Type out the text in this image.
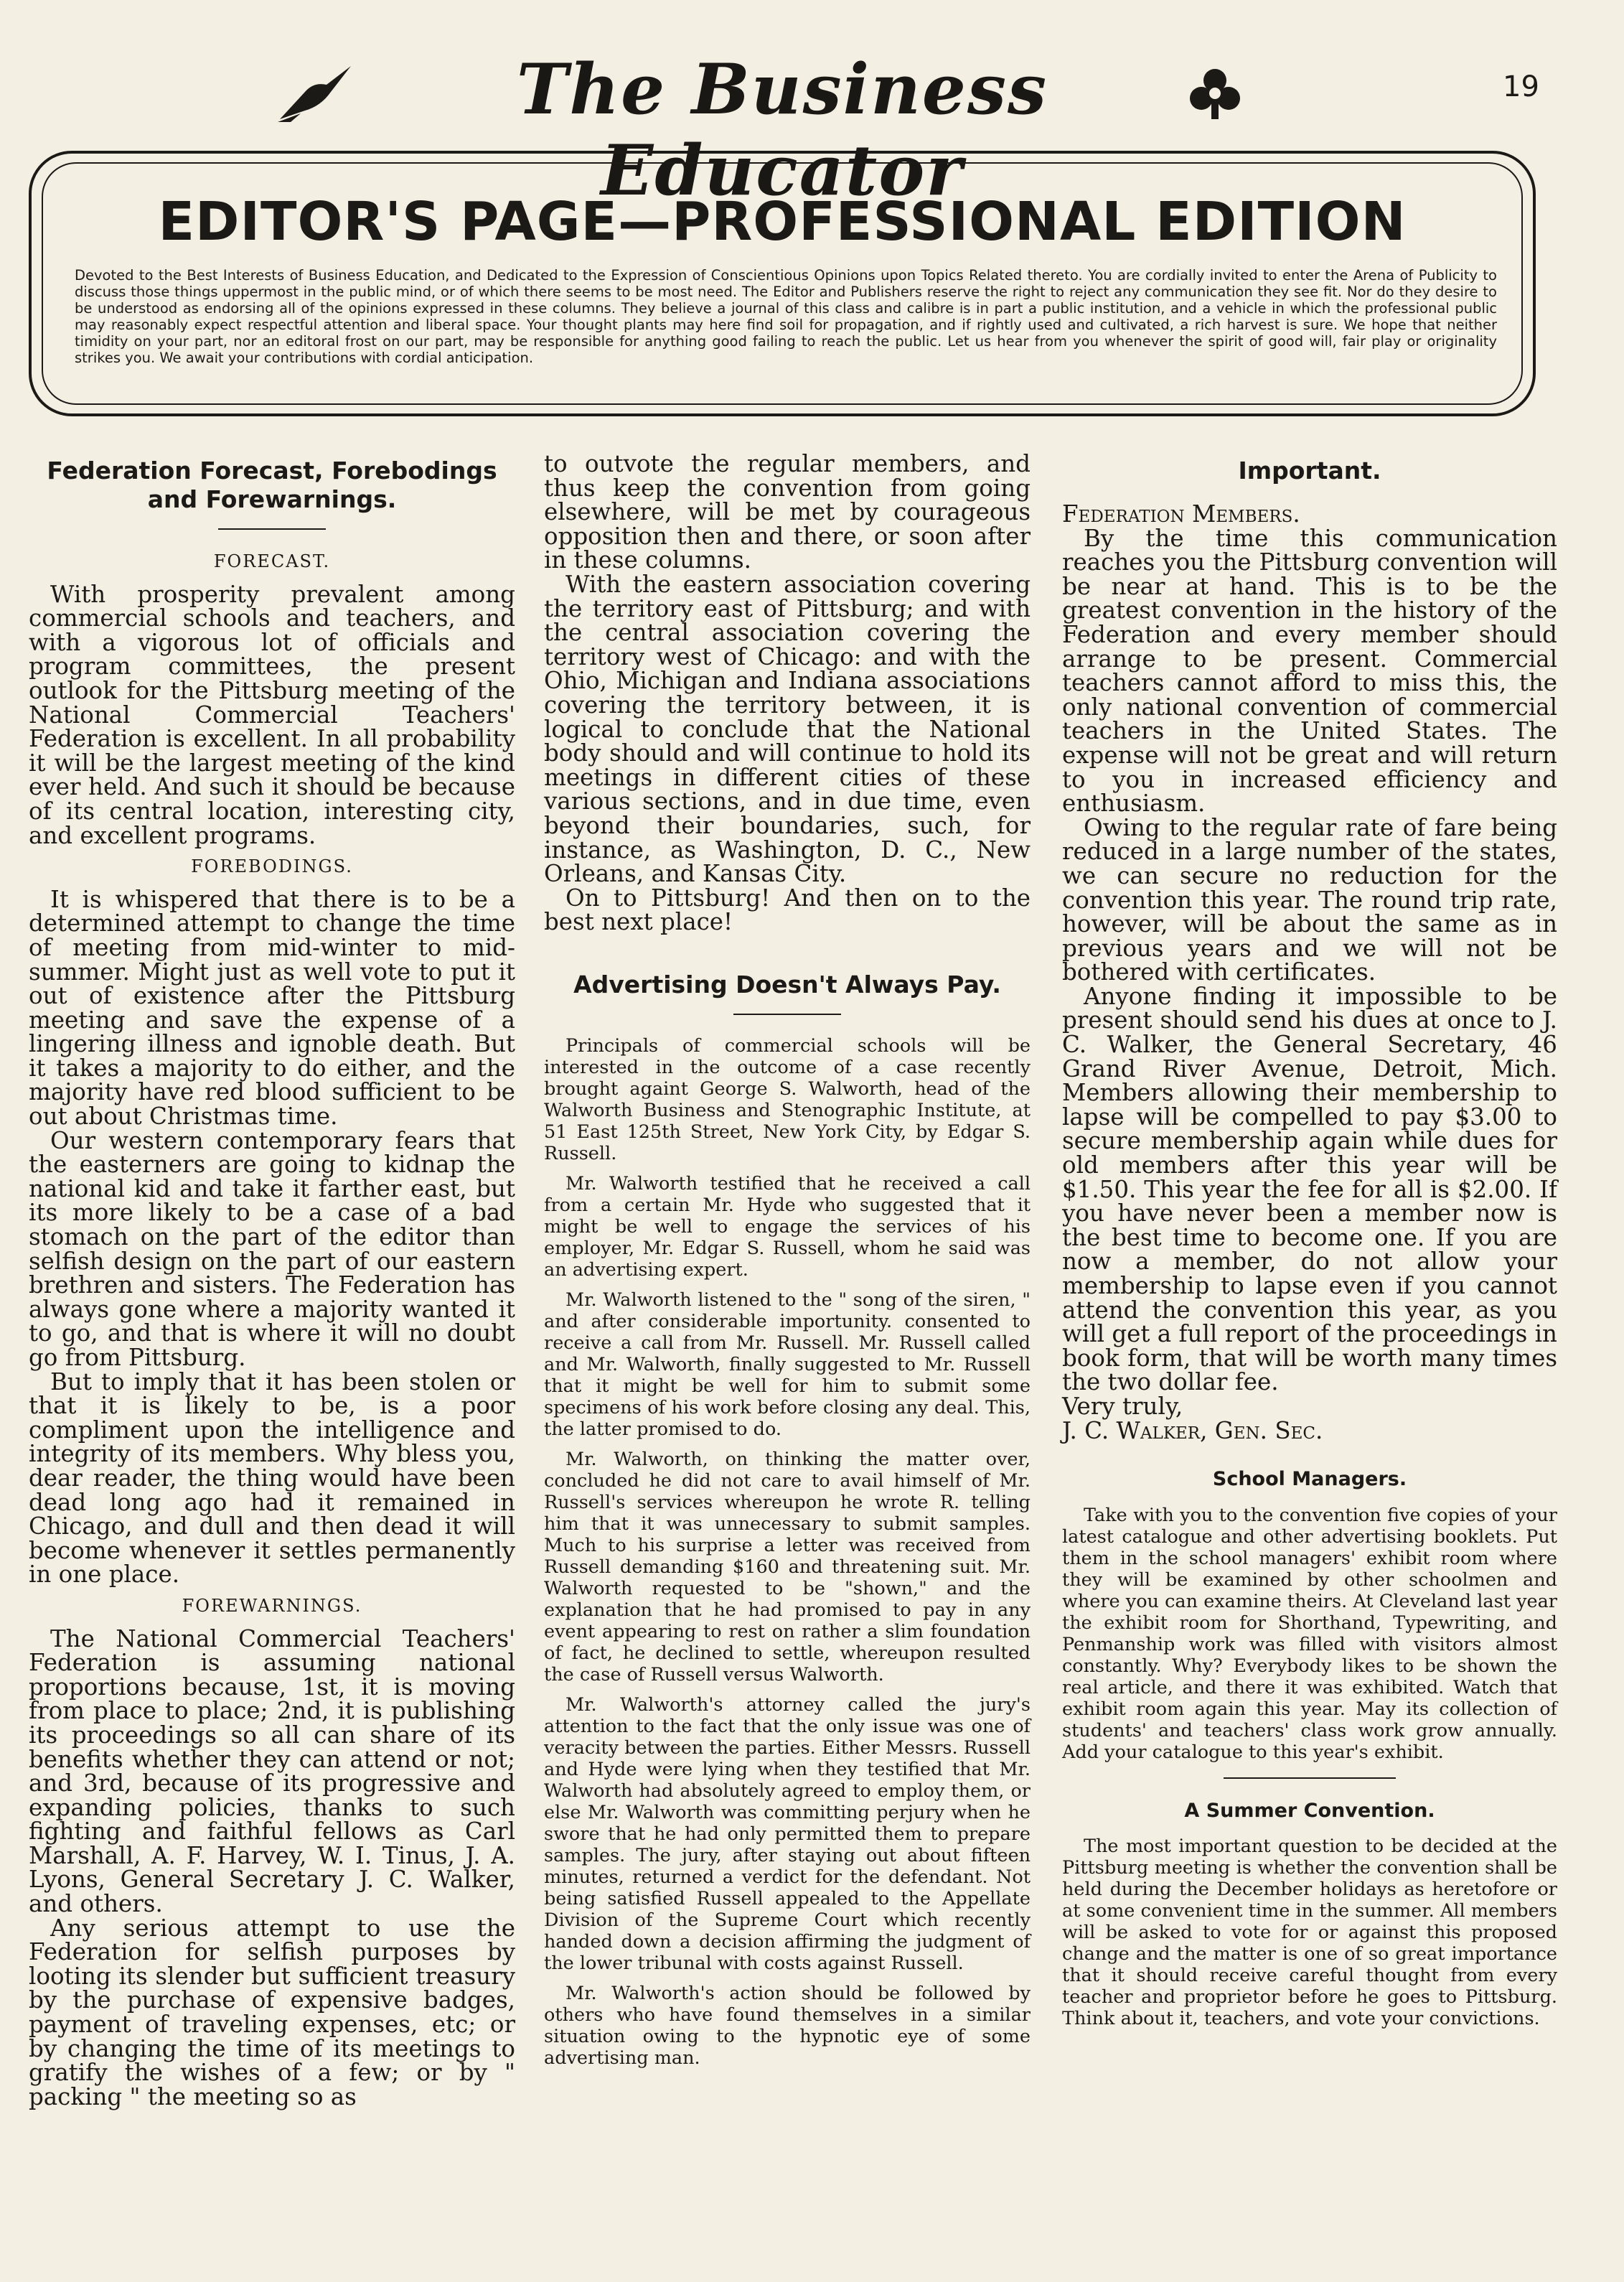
The Business Educator
19
EDITOR'S PAGE—PROFESSIONAL EDITION
Devoted to the Best Interests of Business Education, and Dedicated to the Expression of Conscientious Opinions upon Topics Related thereto. You are cordially invited to enter the Arena of Publicity to discuss those things uppermost in the public mind, or of which there seems to be most need. The Editor and Publishers reserve the right to reject any communication they see fit. Nor do they desire to be understood as endorsing all of the opinions expressed in these columns. They believe a journal of this class and calibre is in part a public institution, and a vehicle in which the professional public may reasonably expect respectful attention and liberal space. Your thought plants may here find soil for propagation, and if rightly used and cultivated, a rich harvest is sure. We hope that neither timidity on your part, nor an editoral frost on our part, may be responsible for anything good failing to reach the public. Let us hear from you whenever the spirit of good will, fair play or originality strikes you. We await your contributions with cordial anticipation.
Federation Forecast, Forebodings and Forewarnings.
FORECAST.

With prosperity prevalent among commercial schools and teachers, and with a vigorous lot of officials and program committees, the present outlook for the Pittsburg meeting of the National Commercial Teachers' Federation is excellent. In all probability it will be the largest meeting of the kind ever held. And such it should be because of its central location, interesting city, and excellent programs.

FOREBODINGS.

It is whispered that there is to be a determined attempt to change the time of meeting from mid-winter to mid-summer. Might just as well vote to put it out of existence after the Pittsburg meeting and save the expense of a lingering illness and ignoble death. But it takes a majority to do either, and the majority have red blood sufficient to be out about Christmas time.

Our western contemporary fears that the easterners are going to kidnap the national kid and take it farther east, but its more likely to be a case of a bad stomach on the part of the editor than selfish design on the part of our eastern brethren and sisters. The Federation has always gone where a majority wanted it to go, and that is where it will no doubt go from Pittsburg.

But to imply that it has been stolen or that it is likely to be, is a poor compliment upon the intelligence and integrity of its members. Why bless you, dear reader, the thing would have been dead long ago had it remained in Chicago, and dull and then dead it will become whenever it settles permanently in one place.

FOREWARNINGS.

The National Commercial Teachers' Federation is assuming national proportions because, 1st, it is moving from place to place; 2nd, it is publishing its proceedings so all can share of its benefits whether they can attend or not; and 3rd, because of its progressive and expanding policies, thanks to such fighting and faithful fellows as Carl Marshall, A. F. Harvey, W. I. Tinus, J. A. Lyons, General Secretary J. C. Walker, and others.

Any serious attempt to use the Federation for selfish purposes by looting its slender but sufficient treasury by the purchase of expensive badges, payment of traveling expenses, etc; or by changing the time of its meetings to gratify the wishes of a few; or by " packing " the meeting so as

to outvote the regular members, and thus keep the convention from going elsewhere, will be met by courageous opposition then and there, or soon after in these columns.

With the eastern association covering the territory east of Pittsburg; and with the central association covering the territory west of Chicago: and with the Ohio, Michigan and Indiana associations covering the territory between, it is logical to conclude that the National body should and will continue to hold its meetings in different cities of these various sections, and in due time, even beyond their boundaries, such, for instance, as Washington, D. C., New Orleans, and Kansas City.

On to Pittsburg! And then on to the best next place!

Advertising Doesn't Always Pay.

Principals of commercial schools will be interested in the outcome of a case recently brought againt George S. Walworth, head of the Walworth Business and Stenographic Institute, at 51 East 125th Street, New York City, by Edgar S. Russell.

Mr. Walworth testified that he received a call from a certain Mr. Hyde who suggested that it might be well to engage the services of his employer, Mr. Edgar S. Russell, whom he said was an advertising expert.

Mr. Walworth listened to the " song of the siren, " and after considerable importunity. consented to receive a call from Mr. Russell. Mr. Russell called and Mr. Walworth, finally suggested to Mr. Russell that it might be well for him to submit some specimens of his work before closing any deal. This, the latter promised to do.

Mr. Walworth, on thinking the matter over, concluded he did not care to avail himself of Mr. Russell's services whereupon he wrote R. telling him that it was unnecessary to submit samples. Much to his surprise a letter was received from Russell demanding $160 and threatening suit. Mr. Walworth requested to be "shown," and the explanation that he had promised to pay in any event appearing to rest on rather a slim foundation of fact, he declined to settle, whereupon resulted the case of Russell versus Walworth.

Mr. Walworth's attorney called the jury's attention to the fact that the only issue was one of veracity between the parties. Either Messrs. Russell and Hyde were lying when they testified that Mr. Walworth had absolutely agreed to employ them, or else Mr. Walworth was committing perjury when he swore that he had only permitted them to prepare samples. The jury, after staying out about fifteen minutes, returned a verdict for the defendant. Not being satisfied Russell appealed to the Appellate Division of the Supreme Court which recently handed down a decision affirming the judgment of the lower tribunal with costs against Russell.

Mr. Walworth's action should be followed by others who have found themselves in a similar situation owing to the hypnotic eye of some advertising man.

Important.

Federation Members.

By the time this communication reaches you the Pittsburg convention will be near at hand. This is to be the greatest convention in the history of the Federation and every member should arrange to be present. Commercial teachers cannot afford to miss this, the only national convention of commercial teachers in the United States. The expense will not be great and will return to you in increased efficiency and enthusiasm.

Owing to the regular rate of fare being reduced in a large number of the states, we can secure no reduction for the convention this year. The round trip rate, however, will be about the same as in previous years and we will not be bothered with certificates.

Anyone finding it impossible to be present should send his dues at once to J. C. Walker, the General Secretary, 46 Grand River Avenue, Detroit, Mich. Members allowing their membership to lapse will be compelled to pay $3.00 to secure membership again while dues for old members after this year will be $1.50. This year the fee for all is $2.00. If you have never been a member now is the best time to become one. If you are now a member, do not allow your membership to lapse even if you cannot attend the convention this year, as you will get a full report of the proceedings in book form, that will be worth many times the two dollar fee.

Very truly,

J. C. Walker, Gen. Sec.

School Managers.

Take with you to the convention five copies of your latest catalogue and other advertising booklets. Put them in the school managers' exhibit room where they will be examined by other schoolmen and where you can examine theirs. At Cleveland last year the exhibit room for Shorthand, Typewriting, and Penmanship work was filled with visitors almost constantly. Why? Everybody likes to be shown the real article, and there it was exhibited. Watch that exhibit room again this year. May its collection of students' and teachers' class work grow annually. Add your catalogue to this year's exhibit.

A Summer Convention.

The most important question to be decided at the Pittsburg meeting is whether the convention shall be held during the December holidays as heretofore or at some convenient time in the summer. All members will be asked to vote for or against this proposed change and the matter is one of so great importance that it should receive careful thought from every teacher and proprietor before he goes to Pittsburg. Think about it, teachers, and vote your convictions.
